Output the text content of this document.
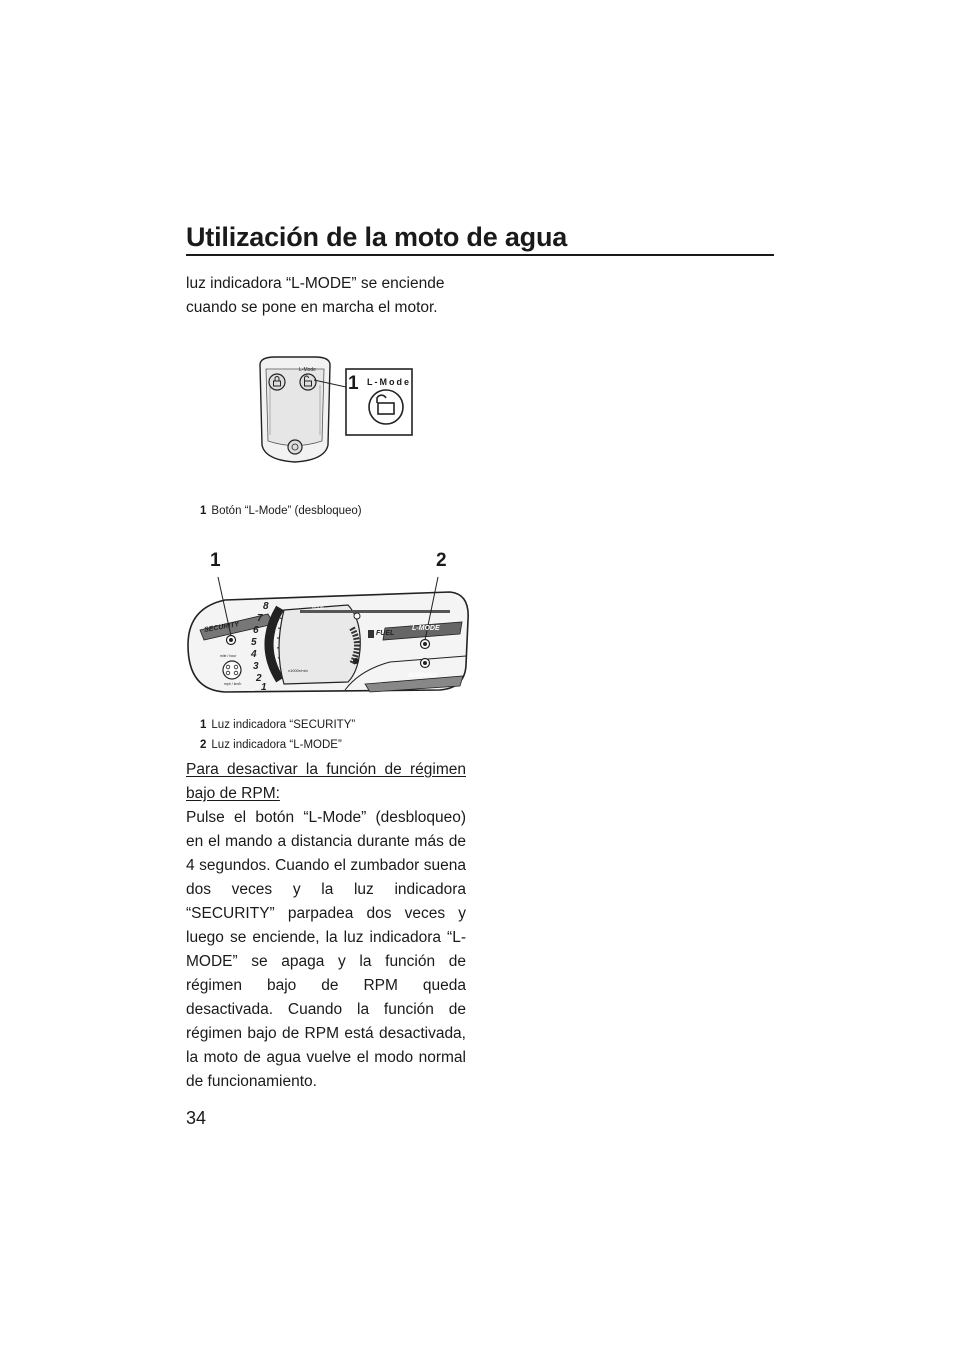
Utilización de la moto de agua
luz indicadora “L-MODE” se enciende cuando se pone en marcha el motor.
L-Mode
1 L-Mode
1 Botón “L-Mode” (desbloqueo)
8
7
6
5
4
3
2
1
1	2
SECURITY	FUEL
L-MODE
WARNING
HOUR
x1000r/min
mile / hour
mph / km/h
1 Luz indicadora “SECURITY”
2 Luz indicadora “L-MODE”
Para desactivar la función de régimen bajo de RPM:
Pulse el botón “L-Mode” (desbloqueo) en el mando a distancia durante más de 4 segundos. Cuando el zumbador suena dos veces y la luz indicadora “SECURITY” parpadea dos veces y luego se enciende, la luz indicadora “L-MODE” se apaga y la función de régimen bajo de RPM queda desactivada. Cuando la función de régimen bajo de RPM está desactivada, la moto de agua vuelve el modo normal de funcionamiento.
34
